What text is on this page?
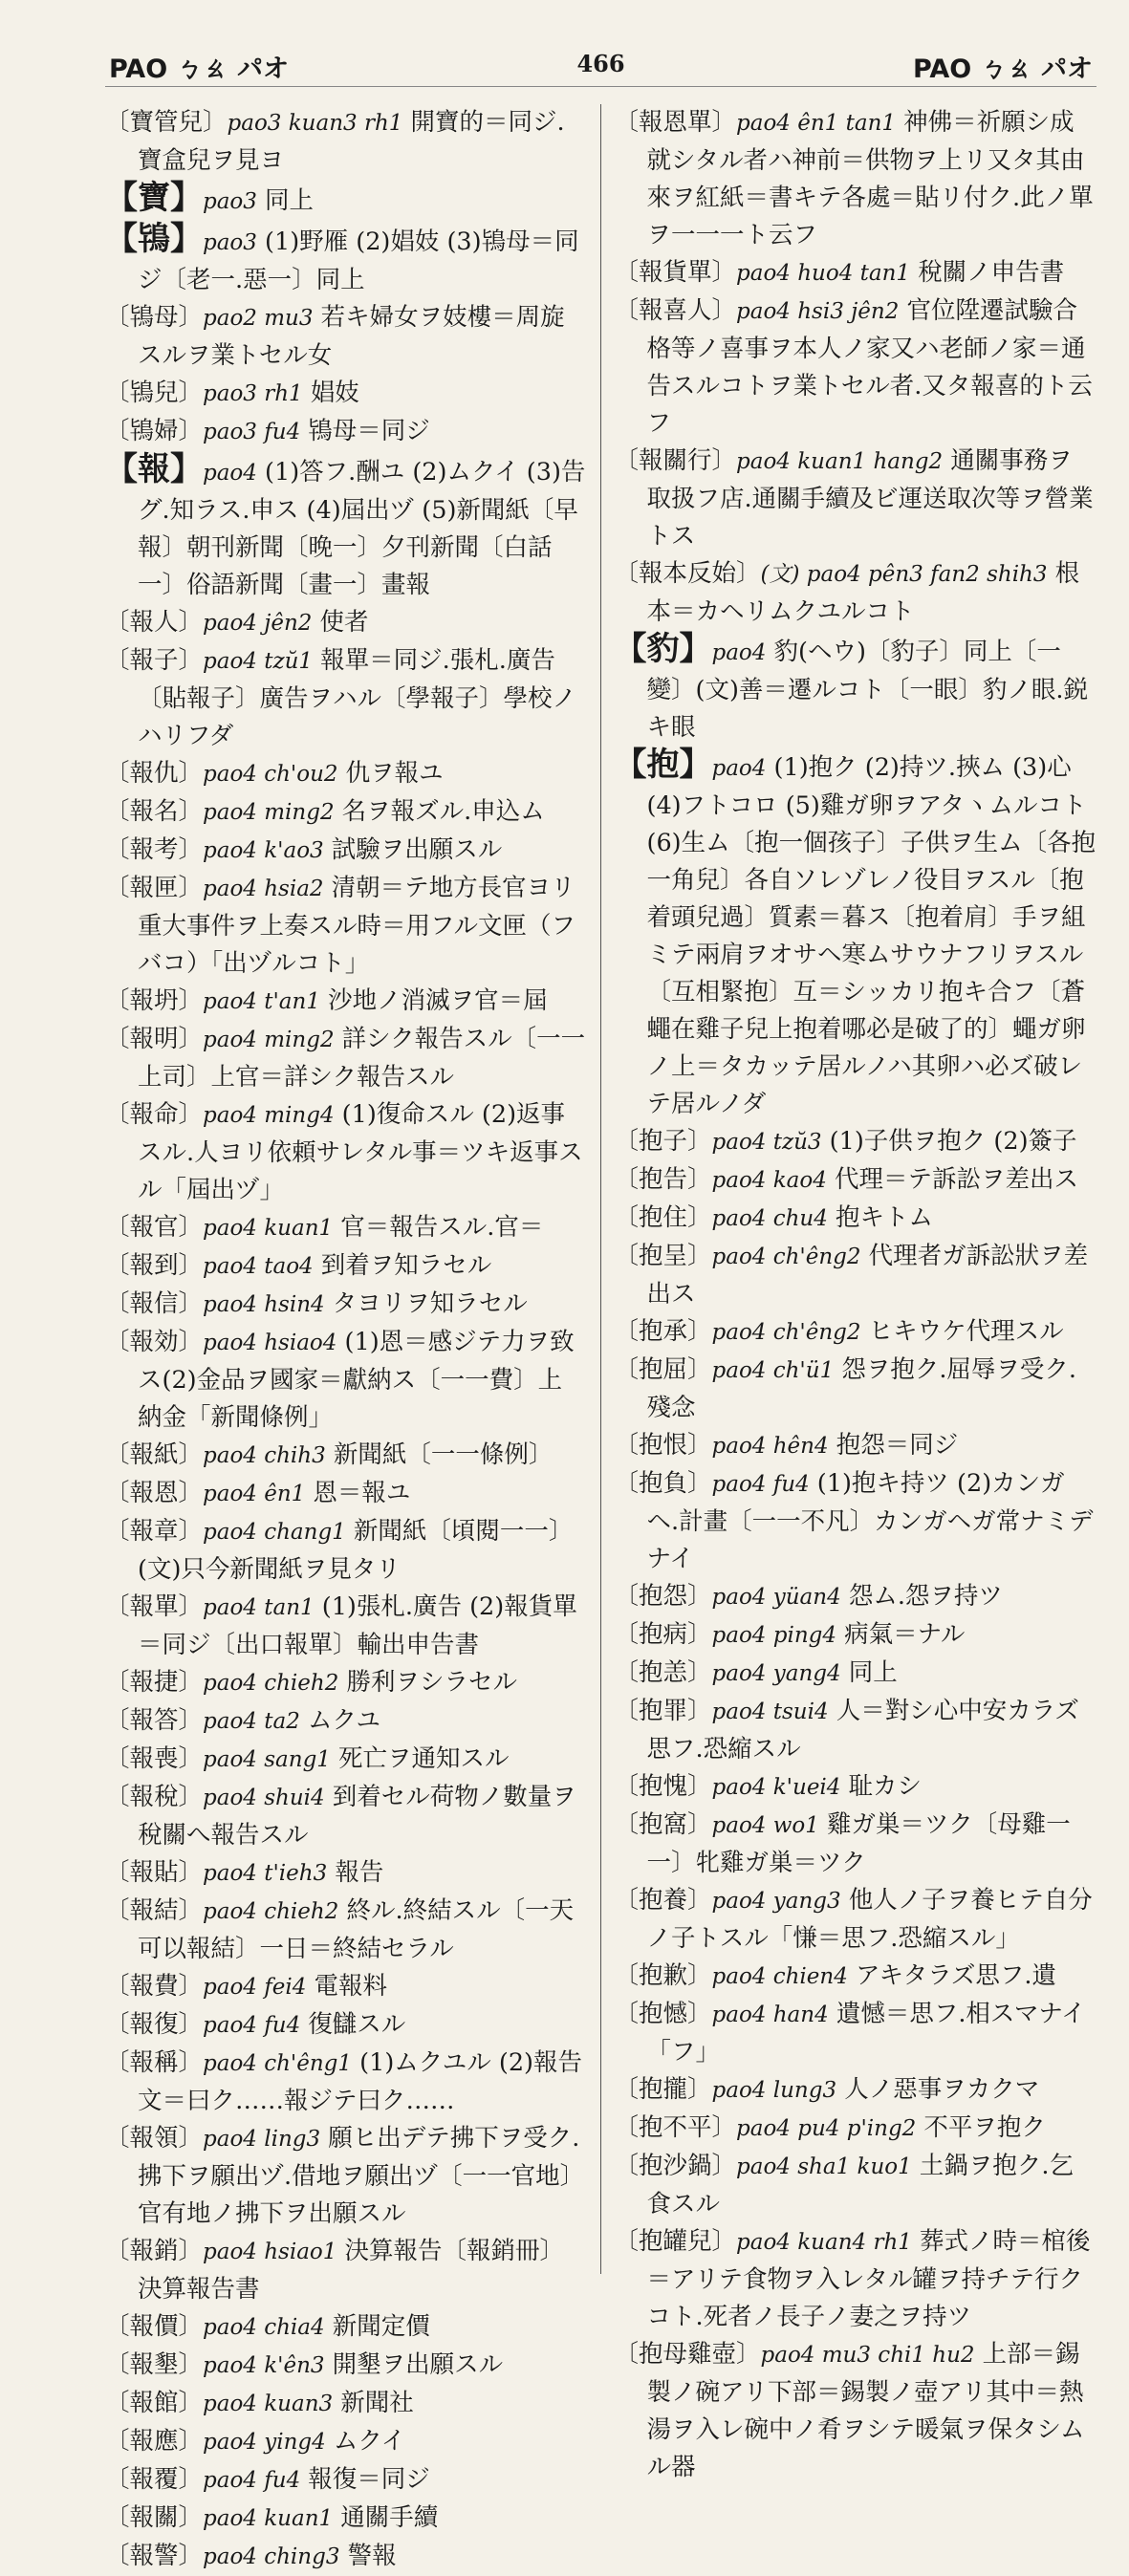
PAO ㄅㄠ パオ	466	PAO ㄅㄠ パオ
〔寶管兒〕pao3 kuan3 rh1 開寶的＝同ジ.寶盒兒ヲ見ヨ
【寶】pao3 同上
【鴇】pao3 (1)野雁 (2)娼妓 (3)鴇母＝同ジ〔老一.惡一〕同上
〔鴇母〕pao2 mu3 若キ婦女ヲ妓樓＝周旋スルヲ業トセル女
〔鴇兒〕pao3 rh1 娼妓
〔鴇婦〕pao3 fu4 鴇母＝同ジ
【報】pao4 (1)答フ.酬ユ (2)ムクイ (3)告グ.知ラス.申ス (4)屆出ヅ (5)新聞紙〔早報〕朝刊新聞〔晚一〕夕刊新聞〔白話一〕俗語新聞〔畫一〕畫報
〔報人〕pao4 jên2 使者
〔報子〕pao4 tzŭ1 報單＝同ジ.張札.廣告〔貼報子〕廣告ヲハル〔學報子〕學校ノハリフダ
〔報仇〕pao4 ch'ou2 仇ヲ報ユ
〔報名〕pao4 ming2 名ヲ報ズル.申込ム
〔報考〕pao4 k'ao3 試驗ヲ出願スル
〔報匣〕pao4 hsia2 清朝＝テ地方長官ヨリ重大事件ヲ上奏スル時＝用フル文匣（フバコ）「出ヅルコト」
〔報坍〕pao4 t'an1 沙地ノ消滅ヲ官＝屆
〔報明〕pao4 ming2 詳シク報告スル〔一一上司〕上官＝詳シク報告スル
〔報命〕pao4 ming4 (1)復命スル (2)返事スル.人ヨリ依頼サレタル事＝ツキ返事スル「屆出ヅ」
〔報官〕pao4 kuan1 官＝報告スル.官＝
〔報到〕pao4 tao4 到着ヲ知ラセル
〔報信〕pao4 hsin4 タヨリヲ知ラセル
〔報効〕pao4 hsiao4 (1)恩＝感ジテ力ヲ致ス(2)金品ヲ國家＝獻納ス〔一一費〕上納金「新聞條例」
〔報紙〕pao4 chih3 新聞紙〔一一條例〕
〔報恩〕pao4 ên1 恩＝報ユ
〔報章〕pao4 chang1 新聞紙〔頃閱一一〕(文)只今新聞紙ヲ見タリ
〔報單〕pao4 tan1 (1)張札.廣告 (2)報貨單＝同ジ〔出口報單〕輸出申告書
〔報捷〕pao4 chieh2 勝利ヲシラセル
〔報答〕pao4 ta2 ムクユ
〔報喪〕pao4 sang1 死亡ヲ通知スル
〔報稅〕pao4 shui4 到着セル荷物ノ數量ヲ稅關へ報告スル
〔報貼〕pao4 t'ieh3 報告
〔報結〕pao4 chieh2 終ル.終結スル〔一天可以報結〕一日＝終結セラル
〔報費〕pao4 fei4 電報料
〔報復〕pao4 fu4 復讎スル
〔報稱〕pao4 ch'êng1 (1)ムクユル (2)報告文＝曰ク……報ジテ曰ク……
〔報領〕pao4 ling3 願ヒ出デテ拂下ヲ受ク.拂下ヲ願出ヅ.借地ヲ願出ヅ〔一一官地〕官有地ノ拂下ヲ出願スル
〔報銷〕pao4 hsiao1 決算報告〔報銷冊〕決算報告書
〔報價〕pao4 chia4 新聞定價
〔報墾〕pao4 k'ên3 開墾ヲ出願スル
〔報館〕pao4 kuan3 新聞社
〔報應〕pao4 ying4 ムクイ
〔報覆〕pao4 fu4 報復＝同ジ
〔報關〕pao4 kuan1 通關手續
〔報警〕pao4 ching3 警報
〔報恩單〕pao4 ên1 tan1 神佛＝祈願シ成就シタル者ハ神前＝供物ヲ上リ又タ其由來ヲ紅紙＝書キテ各處＝貼リ付ク.此ノ單ヲ一一一ト云フ
〔報貨單〕pao4 huo4 tan1 稅關ノ申告書
〔報喜人〕pao4 hsi3 jên2 官位陞遷試驗合格等ノ喜事ヲ本人ノ家又ハ老師ノ家＝通告スルコトヲ業トセル者.又タ報喜的ト云フ
〔報關行〕pao4 kuan1 hang2 通關事務ヲ取扱フ店.通關手續及ビ運送取次等ヲ營業トス
〔報本反始〕(文) pao4 pên3 fan2 shih3 根本＝カヘリムクユルコト
【豹】pao4 豹(ヘウ)〔豹子〕同上〔一變〕(文)善＝遷ルコト〔一眼〕豹ノ眼.鋭キ眼
【抱】pao4 (1)抱ク (2)持ツ.挾ム (3)心 (4)フトコロ (5)雞ガ卵ヲアタヽムルコト (6)生ム〔抱一個孩子〕子供ヲ生ム〔各抱一角兒〕各自ソレゾレノ役目ヲスル〔抱着頭兒過〕質素＝暮ス〔抱着肩〕手ヲ組ミテ兩肩ヲオサヘ寒ムサウナフリヲスル〔互相緊抱〕互＝シッカリ抱キ合フ〔蒼蠅在雞子兒上抱着哪必是破了的〕蠅ガ卵ノ上＝タカッテ居ルノハ其卵ハ必ズ破レテ居ルノダ
〔抱子〕pao4 tzŭ3 (1)子供ヲ抱ク (2)簽子
〔抱告〕pao4 kao4 代理＝テ訴訟ヲ差出ス
〔抱住〕pao4 chu4 抱キトム
〔抱呈〕pao4 ch'êng2 代理者ガ訴訟狀ヲ差出ス
〔抱承〕pao4 ch'êng2 ヒキウケ代理スル
〔抱屈〕pao4 ch'ü1 怨ヲ抱ク.屈辱ヲ受ク.殘念
〔抱恨〕pao4 hên4 抱怨＝同ジ
〔抱負〕pao4 fu4 (1)抱キ持ツ (2)カンガヘ.計畫〔一一不凡〕カンガヘガ常ナミデナイ
〔抱怨〕pao4 yüan4 怨ム.怨ヲ持ツ
〔抱病〕pao4 ping4 病氣＝ナル
〔抱恙〕pao4 yang4 同上
〔抱罪〕pao4 tsui4 人＝對シ心中安カラズ思フ.恐縮スル
〔抱愧〕pao4 k'uei4 耻カシ
〔抱窩〕pao4 wo1 雞ガ巣＝ツク〔母雞一一〕牝雞ガ巣＝ツク
〔抱養〕pao4 yang3 他人ノ子ヲ養ヒテ自分ノ子トスル「慊＝思フ.恐縮スル」
〔抱歉〕pao4 chien4 アキタラズ思フ.遺
〔抱憾〕pao4 han4 遺憾＝思フ.相スマナイ「フ」
〔抱攏〕pao4 lung3 人ノ惡事ヲカクマ
〔抱不平〕pao4 pu4 p'ing2 不平ヲ抱ク
〔抱沙鍋〕pao4 sha1 kuo1 土鍋ヲ抱ク.乞食スル
〔抱罐兒〕pao4 kuan4 rh1 葬式ノ時＝棺後＝アリテ食物ヲ入レタル罐ヲ持チテ行クコト.死者ノ長子ノ妻之ヲ持ツ
〔抱母雞壺〕pao4 mu3 chi1 hu2 上部＝錫製ノ碗アリ下部＝錫製ノ壺アリ其中＝熱湯ヲ入レ碗中ノ肴ヲシテ暖氣ヲ保タシムル器
